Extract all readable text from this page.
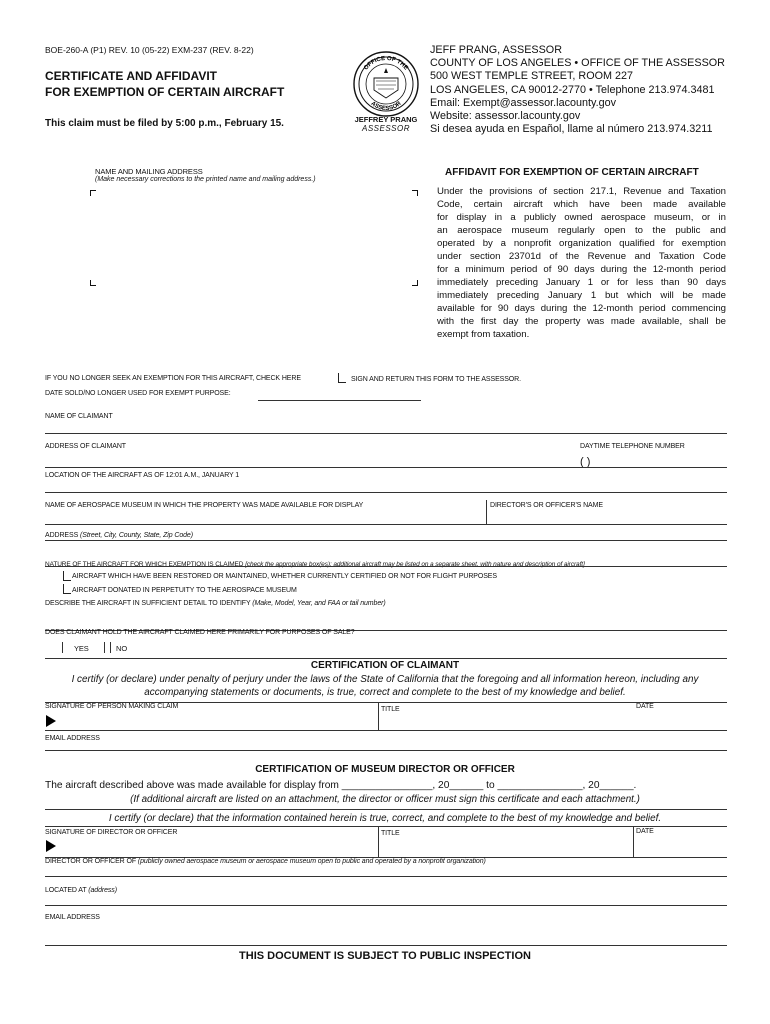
BOE-260-A (P1) REV. 10 (05-22) EXM-237 (REV. 8-22)
CERTIFICATE AND AFFIDAVIT
FOR EXEMPTION OF CERTAIN AIRCRAFT
This claim must be filed by 5:00 p.m., February 15.
OFFICE OF THE
ASSESSOR
JEFFREY PRANG
ASSESSOR
JEFF PRANG, ASSESSOR
COUNTY OF LOS ANGELES • OFFICE OF THE ASSESSOR
500 WEST TEMPLE STREET, ROOM 227
LOS ANGELES, CA 90012-2770 • Telephone 213.974.3481
Email: Exempt@assessor.lacounty.gov
Website: assessor.lacounty.gov
Si desea ayuda en Español, llame al número 213.974.3211
NAME AND MAILING ADDRESS
(Make necessary corrections to the printed name and mailing address.)
AFFIDAVIT FOR EXEMPTION OF CERTAIN AIRCRAFT
Under the provisions of section 217.1, Revenue and Taxation
Code, certain aircraft which have been made available
for display in a publicly owned aerospace museum, or in
an aerospace museum regularly open to the public and
operated by a nonprofit organization qualified for exemption
under section 23701d of the Revenue and Taxation Code
for a minimum period of 90 days during the 12-month period
immediately preceding January 1 or for less than 90 days
immediately preceding January 1 but which will be made
available for 90 days during the 12-month period commencing
with the first day the property was made available, shall be
exempt from taxation.
IF YOU NO LONGER SEEK AN EXEMPTION FOR THIS AIRCRAFT, CHECK HERE	SIGN AND RETURN THIS FORM TO THE ASSESSOR.
DATE SOLD/NO LONGER USED FOR EXEMPT PURPOSE:
NAME OF CLAIMANT
ADDRESS OF CLAIMANT	DAYTIME TELEPHONE NUMBER
( )
LOCATION OF THE AIRCRAFT AS OF 12:01 A.M., JANUARY 1
NAME OF AEROSPACE MUSEUM IN WHICH THE PROPERTY WAS MADE AVAILABLE FOR DISPLAY	DIRECTOR'S OR OFFICER'S NAME
ADDRESS (Street, City, County, State, Zip Code)
NATURE OF THE AIRCRAFT FOR WHICH EXEMPTION IS CLAIMED [check the appropriate box(es); additional aircraft may be listed on a separate sheet, with nature and description of aircraft]
AIRCRAFT WHICH HAVE BEEN RESTORED OR MAINTAINED, WHETHER CURRENTLY CERTIFIED OR NOT FOR FLIGHT PURPOSES
AIRCRAFT DONATED IN PERPETUITY TO THE AEROSPACE MUSEUM
DESCRIBE THE AIRCRAFT IN SUFFICIENT DETAIL TO IDENTIFY (Make, Model, Year, and FAA or tail number)
DOES CLAIMANT HOLD THE AIRCRAFT CLAIMED HERE PRIMARILY FOR PURPOSES OF SALE?
YES	NO
CERTIFICATION OF CLAIMANT
I certify (or declare) under penalty of perjury under the laws of the State of California that the foregoing and all information hereon, including any
accompanying statements or documents, is true, correct and complete to the best of my knowledge and belief.
SIGNATURE OF PERSON MAKING CLAIM	TITLE	DATE
EMAIL ADDRESS
CERTIFICATION OF MUSEUM DIRECTOR OR OFFICER
The aircraft described above was made available for display from ________________, 20______ to _______________, 20______.
(If additional aircraft are listed on an attachment, the director or officer must sign this certificate and each attachment.)
I certify (or declare) that the information contained herein is true, correct, and complete to the best of my knowledge and belief.
SIGNATURE OF DIRECTOR OR OFFICER	TITLE	DATE
DIRECTOR OR OFFICER OF (publicly owned aerospace museum or aerospace museum open to public and operated by a nonprofit organization)
LOCATED AT (address)
EMAIL ADDRESS
THIS DOCUMENT IS SUBJECT TO PUBLIC INSPECTION
